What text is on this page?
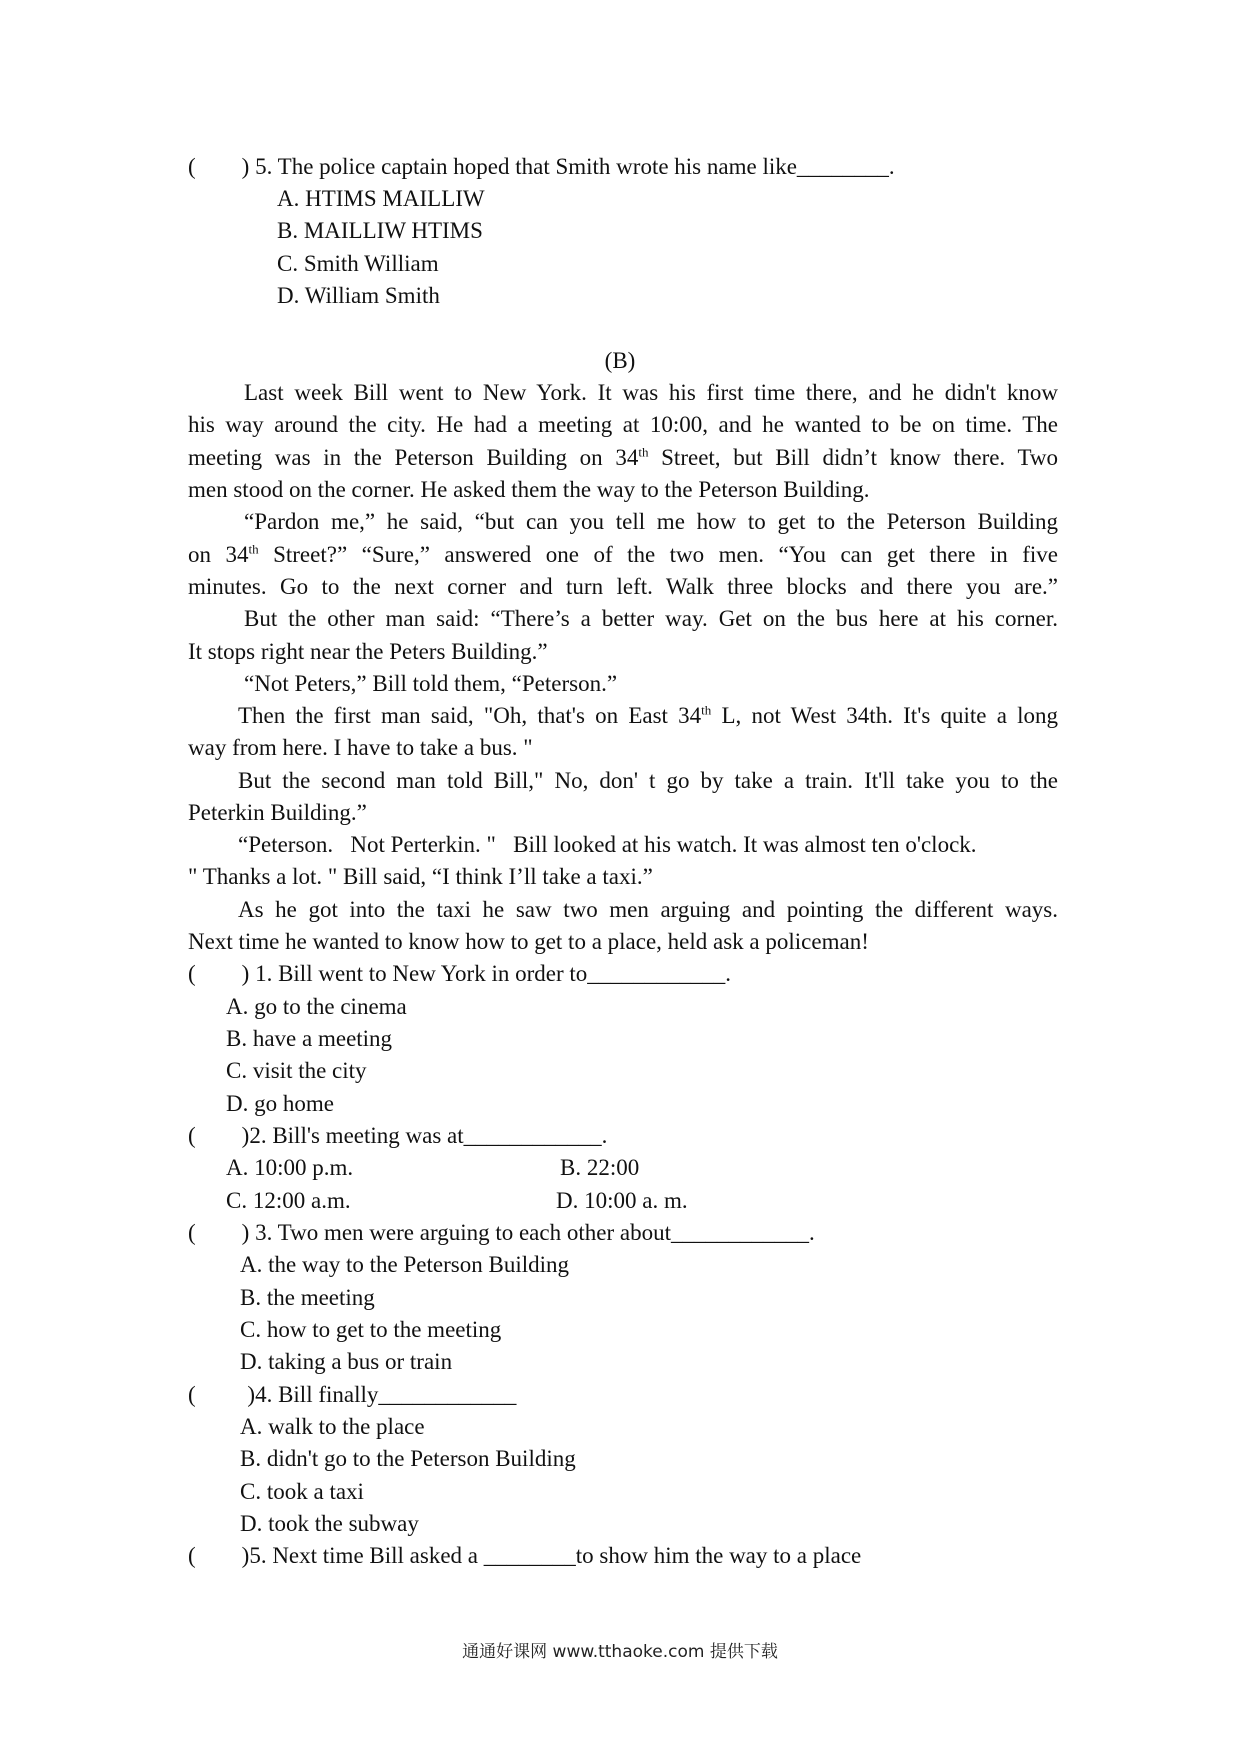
(        ) 5. The police captain hoped that Smith wrote his name like________.
A. HTIMS MAILLIW
B. MAILLIW HTIMS
C. Smith William
D. William Smith
(B)
Last week Bill went to New York. It was his first time there, and he didn't know
his way around the city. He had a meeting at 10:00, and he wanted to be on time. The
meeting was in the Peterson Building on 34th Street, but Bill didn’t know there. Two
men stood on the corner. He asked them the way to the Peterson Building.
“Pardon me,” he said, “but can you tell me how to get to the Peterson Building
on 34th Street?” “Sure,” answered one of the two men. “You can get there in five
minutes. Go to the next corner and turn left. Walk three blocks and there you are.”
But the other man said: “There’s a better way. Get on the bus here at his corner.
It stops right near the Peters Building.”
“Not Peters,” Bill told them, “Peterson.”
Then the first man said, "Oh, that's on East 34th L, not West 34th. It's quite a long
way from here. I have to take a bus. "
But the second man told Bill," No, don' t go by take a train. It'll take you to the
Peterkin Building.”
“Peterson.   Not Perterkin. "   Bill looked at his watch. It was almost ten o'clock.
" Thanks a lot. " Bill said, “I think I’ll take a taxi.”
As he got into the taxi he saw two men arguing and pointing the different ways.
Next time he wanted to know how to get to a place, held ask a policeman!
(        ) 1. Bill went to New York in order to____________.
A. go to the cinema
B. have a meeting
C. visit the city
D. go home
(        )2. Bill's meeting was at____________.
A. 10:00 p.m.	B. 22:00
C. 12:00 a.m.	D. 10:00 a. m.
(        ) 3. Two men were arguing to each other about____________.
A. the way to the Peterson Building
B. the meeting
C. how to get to the meeting
D. taking a bus or train
(         )4. Bill finally____________
A. walk to the place
B. didn't go to the Peterson Building
C. took a taxi
D. took the subway
(        )5. Next time Bill asked a ________to show him the way to a place
通通好课网 www.tthaoke.com 提供下载
